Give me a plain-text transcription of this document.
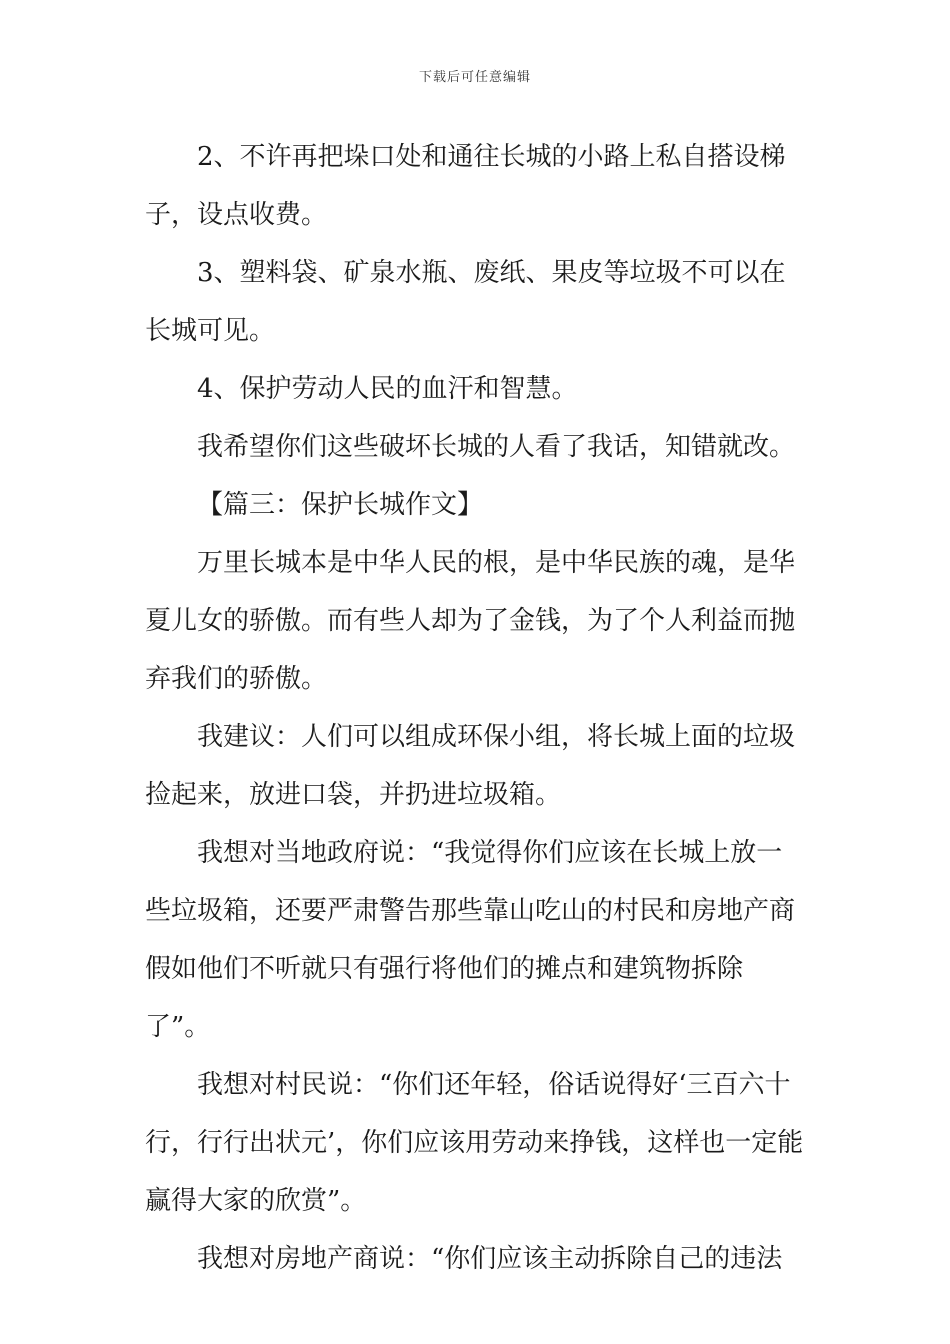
下载后可任意编辑

2、不许再把垛口处和通往长城的小路上私自搭设梯子，设点收费。

3、塑料袋、矿泉水瓶、废纸、果皮等垃圾不可以在长城可见。

4、保护劳动人民的血汗和智慧。

我希望你们这些破坏长城的人看了我话，知错就改。

【篇三：保护长城作文】

万里长城本是中华人民的根，是中华民族的魂，是华夏儿女的骄傲。而有些人却为了金钱，为了个人利益而抛弃我们的骄傲。

我建议：人们可以组成环保小组，将长城上面的垃圾捡起来，放进口袋，并扔进垃圾箱。

我想对当地政府说：“我觉得你们应该在长城上放一些垃圾箱，还要严肃警告那些靠山吃山的村民和房地产商假如他们不听就只有强行将他们的摊点和建筑物拆除了”。

我想对村民说：“你们还年轻，俗话说得好‘三百六十行，行行出状元’，你们应该用劳动来挣钱，这样也一定能赢得大家的欣赏”。

我想对房地产商说：“你们应该主动拆除自己的违法
